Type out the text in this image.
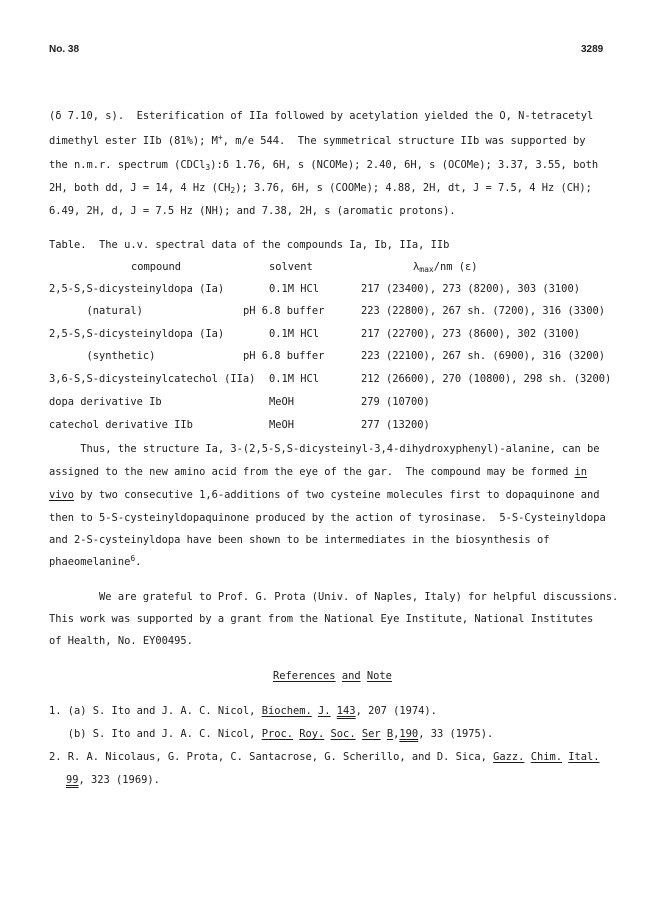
No. 38	3289
(δ 7.10, s).  Esterification of IIa followed by acetylation yielded the O, N-tetracetyl
dimethyl ester IIb (81%); M+, m/e 544.  The symmetrical structure IIb was supported by
the n.m.r. spectrum (CDCl$_3$):δ 1.76, 6H, s (NCOMe); 2.40, 6H, s (OCOMe); 3.37, 3.55, both
2H, both dd, J = 14, 4 Hz $(CH_2)$; 3.76, 6H, s (COOMe); 4.88, 2H, dt, J = 7.5, 4 Hz (CH);
6.49, 2H, d, J = 7.5 Hz (NH); and 7.38, 2H, s (aromatic protons).
Table.  The u.v. spectral data of the compounds Ia, Ib, IIa, IIb
compound	solvent	$\lambda_{max}/nm$ (ε)
2,5-S,S-dicysteinyldopa (Ia)	0.1M HCl	217 (23400), 273 (8200), 303 (3100)
(natural)	pH 6.8 buffer	223 (22800), 267 sh. (7200), 316 (3300)
2,5-S,S-dicysteinyldopa (Ia)	0.1M HCl	217 (22700), 273 (8600), 302 (3100)
(synthetic)	pH 6.8 buffer	223 (22100), 267 sh. (6900), 316 (3200)
3,6-S,S-dicysteinylcatechol (IIa) 0.1M HCl	212 (26600), 270 (10800), 298 sh. (3200)
dopa derivative Ib	MeOH	279 (10700)
catechol derivative IIb	MeOH	277 (13200)
Thus, the structure Ia, 3-(2,5-S,S-dicysteinyl-3,4-dihydroxyphenyl)-alanine, can be
assigned to the new amino acid from the eye of the gar.  The compound may be formed in
vivo by two consecutive 1,6-additions of two cysteine molecules first to dopaquinone and
then to 5-S-cysteinyldopaquinone produced by the action of tyrosinase.  5-S-Cysteinyldopa
and 2-S-cysteinyldopa have been shown to be intermediates in the biosynthesis of
phaeomelanine$^6$.
We are grateful to Prof. G. Prota (Univ. of Naples, Italy) for helpful discussions.
This work was supported by a grant from the National Eye Institute, National Institutes
of Health, No. EY00495.
References and Note
1. (a) S. Ito and J. A. C. Nicol, Biochem. J. 143, 207 (1974).
(b) S. Ito and J. A. C. Nicol, Proc. Roy. Soc. Ser B,190, 33 (1975).
2. R. A. Nicolaus, G. Prota, C. Santacrose, G. Scherillo, and D. Sica, Gazz. Chim. Ital.
99, 323 (1969).
